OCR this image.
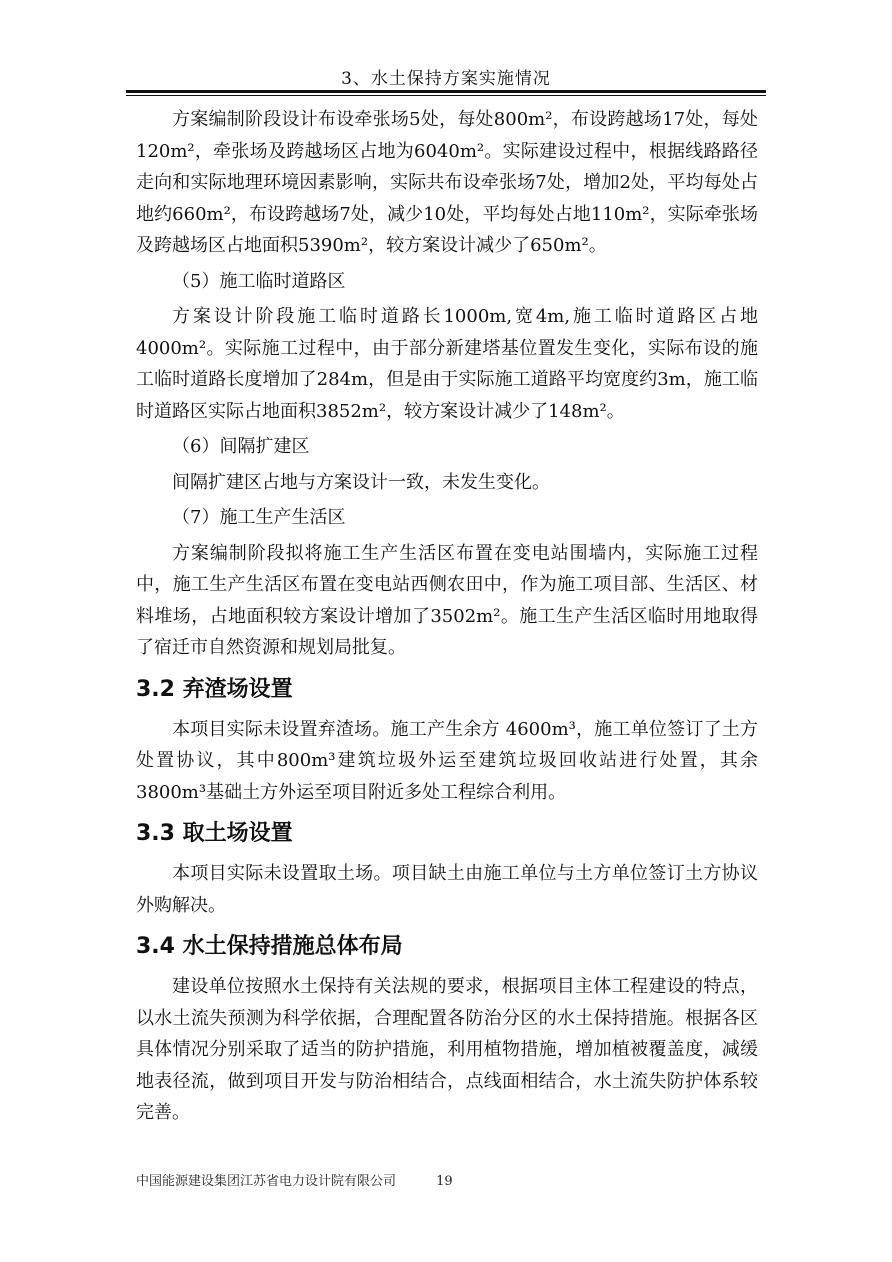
3、水土保持方案实施情况

方案编制阶段设计布设牵张场5处，每处800m²，布设跨越场17处，每处120m²，牵张场及跨越场区占地为6040m²。实际建设过程中，根据线路路径走向和实际地理环境因素影响，实际共布设牵张场7处，增加2处，平均每处占地约660m²，布设跨越场7处，减少10处，平均每处占地110m²，实际牵张场及跨越场区占地面积5390m²，较方案设计减少了650m²。

（5）施工临时道路区

方案设计阶段施工临时道路长1000m,宽4m,施工临时道路区占地4000m²。实际施工过程中，由于部分新建塔基位置发生变化，实际布设的施工临时道路长度增加了284m，但是由于实际施工道路平均宽度约3m，施工临时道路区实际占地面积3852m²，较方案设计减少了148m²。

（6）间隔扩建区

间隔扩建区占地与方案设计一致，未发生变化。

（7）施工生产生活区

方案编制阶段拟将施工生产生活区布置在变电站围墙内，实际施工过程中，施工生产生活区布置在变电站西侧农田中，作为施工项目部、生活区、材料堆场，占地面积较方案设计增加了3502m²。施工生产生活区临时用地取得了宿迁市自然资源和规划局批复。

3.2 弃渣场设置

本项目实际未设置弃渣场。施工产生余方 4600m³，施工单位签订了土方处置协议，其中800m³建筑垃圾外运至建筑垃圾回收站进行处置，其余3800m³基础土方外运至项目附近多处工程综合利用。

3.3 取土场设置

本项目实际未设置取土场。项目缺土由施工单位与土方单位签订土方协议外购解决。

3.4 水土保持措施总体布局

建设单位按照水土保持有关法规的要求，根据项目主体工程建设的特点，以水土流失预测为科学依据，合理配置各防治分区的水土保持措施。根据各区具体情况分别采取了适当的防护措施，利用植物措施，增加植被覆盖度，减缓地表径流，做到项目开发与防治相结合，点线面相结合，水土流失防护体系较完善。

中国能源建设集团江苏省电力设计院有限公司	19
